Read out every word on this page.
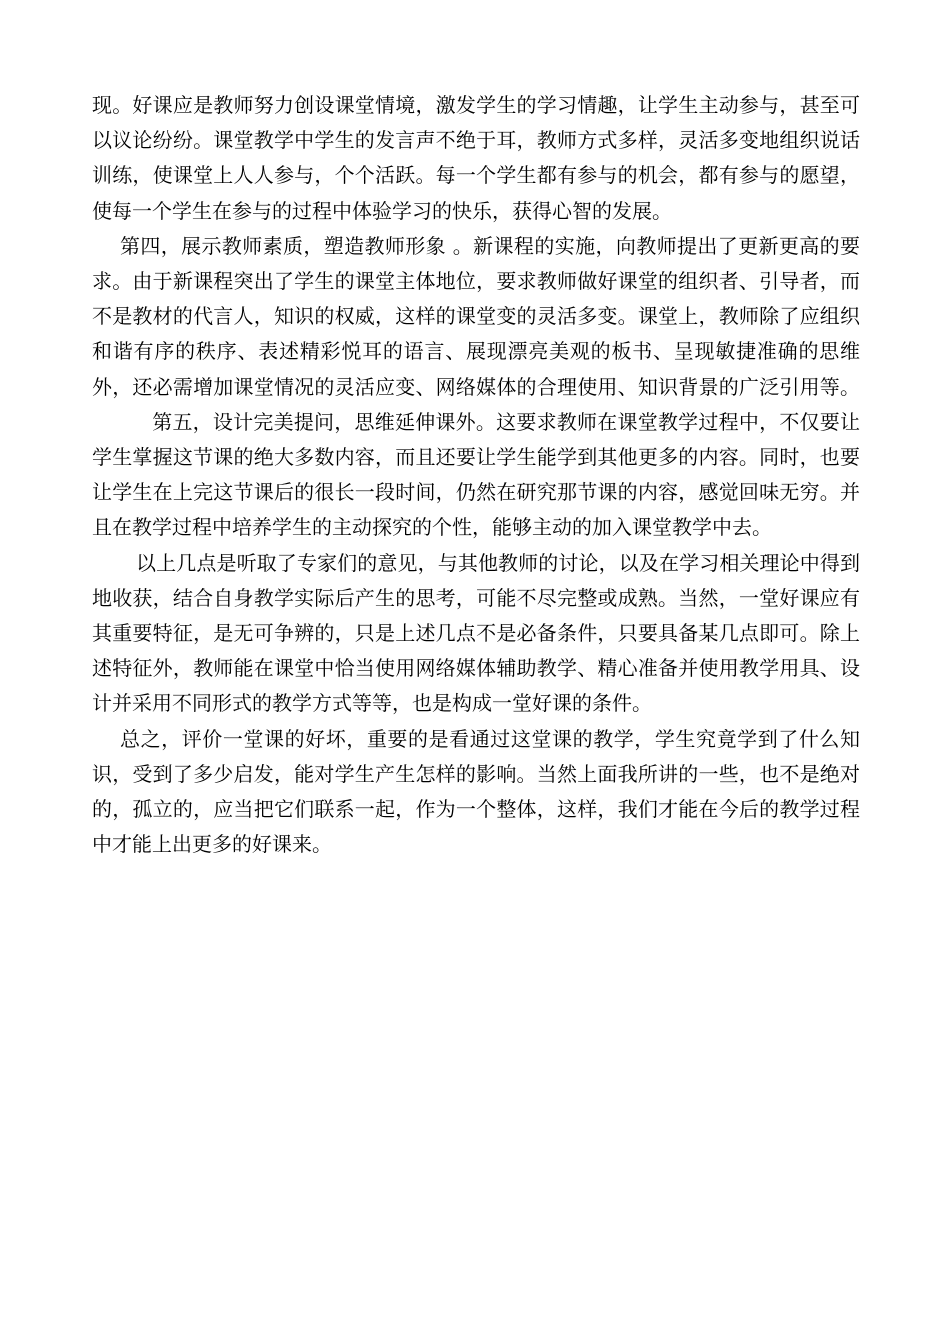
现。好课应是教师努力创设课堂情境，激发学生的学习情趣，让学生主动参与，甚至可以议论纷纷。课堂教学中学生的发言声不绝于耳，教师方式多样，灵活多变地组织说话训练，使课堂上人人参与，个个活跃。每一个学生都有参与的机会，都有参与的愿望，使每一个学生在参与的过程中体验学习的快乐，获得心智的发展。

第四，展示教师素质，塑造教师形象 。新课程的实施，向教师提出了更新更高的要求。由于新课程突出了学生的课堂主体地位，要求教师做好课堂的组织者、引导者，而不是教材的代言人，知识的权威，这样的课堂变的灵活多变。课堂上，教师除了应组织和谐有序的秩序、表述精彩悦耳的语言、展现漂亮美观的板书、呈现敏捷准确的思维外，还必需增加课堂情况的灵活应变、网络媒体的合理使用、知识背景的广泛引用等。第五，设计完美提问，思维延伸课外。这要求教师在课堂教学过程中，不仅要让学生掌握这节课的绝大多数内容，而且还要让学生能学到其他更多的内容。同时，也要让学生在上完这节课后的很长一段时间，仍然在研究那节课的内容，感觉回味无穷。并且在教学过程中培养学生的主动探究的个性，能够主动的加入课堂教学中去。

以上几点是听取了专家们的意见，与其他教师的讨论，以及在学习相关理论中得到地收获，结合自身教学实际后产生的思考，可能不尽完整或成熟。当然，一堂好课应有其重要特征，是无可争辨的，只是上述几点不是必备条件，只要具备某几点即可。除上述特征外，教师能在课堂中恰当使用网络媒体辅助教学、精心准备并使用教学用具、设计并采用不同形式的教学方式等等，也是构成一堂好课的条件。

总之，评价一堂课的好坏，重要的是看通过这堂课的教学，学生究竟学到了什么知识，受到了多少启发，能对学生产生怎样的影响。当然上面我所讲的一些，也不是绝对的，孤立的，应当把它们联系一起，作为一个整体，这样，我们才能在今后的教学过程中才能上出更多的好课来。
